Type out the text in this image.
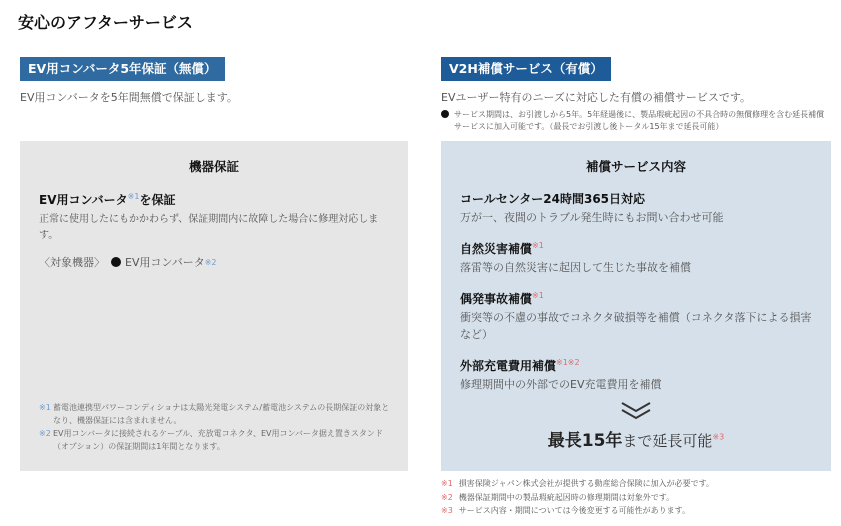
安心のアフターサービス
EV用コンバータ5年保証（無償）
EV用コンバータを5年間無償で保証します。
V2H補償サービス（有償）
EVユーザー特有のニーズに対応した有償の補償サービスです。
サービス期間は、お引渡しから5年。5年経過後に、製品瑕疵起因の不具合時の無償修理を含む延長補償サービスに加入可能です。（最長でお引渡し後トータル15年まで延長可能）
機器保証
EV用コンバータ$^{※1}$を保証
正常に使用したにもかかわらず、保証期間内に故障した場合に修理対応します。
〈対象機器〉 EV用コンバータ ※2
※1 蓄電池連携型パワーコンディショナは太陽光発電システム/蓄電池システムの長期保証の対象となり、機器保証には含まれません。
※2 EV用コンバータに接続されるケーブル、充放電コネクタ、EV用コンバータ据え置きスタンド（オプション）の保証期間は1年間となります。
補償サービス内容
コールセンター24時間365日対応
万が一、夜間のトラブル発生時にもお問い合わせ可能
自然災害補償$^{※1}$
落雷等の自然災害に起因して生じた事故を補償
偶発事故補償$^{※1}$
衝突等の不慮の事故でコネクタ破損等を補償（コネクタ落下による損害など）
外部充電費用補償$^{※1※2}$
修理期間中の外部でのEV充電費用を補償
最長15年まで延長可能$^{※3}$
※1 損害保険ジャパン株式会社が提供する動産総合保険に加入が必要です。
※2 機器保証期間中の製品瑕疵起因時の修理期間は対象外です。
※3 サービス内容・期間については今後変更する可能性があります。
